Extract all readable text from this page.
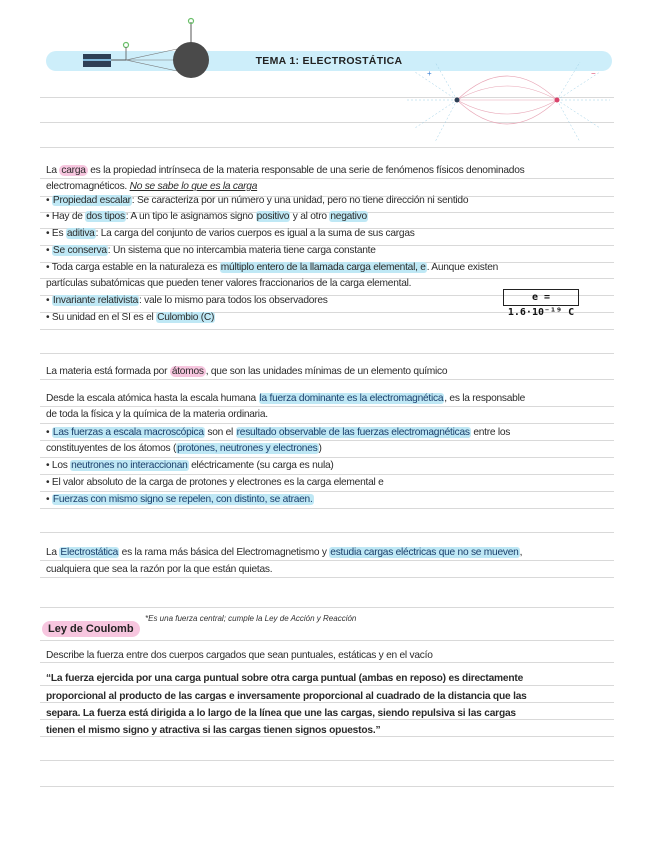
TEMA 1: ELECTROSTÁTICA
+	−
La carga es la propiedad intrínseca de la materia responsable de una serie de fenómenos físicos denominados
electromagnéticos. No se sabe lo que es la carga
• Propiedad escalar: Se caracteriza por un número y una unidad, pero no tiene dirección ni sentido
• Hay de dos tipos: A un tipo le asignamos signo positivo y al otro negativo
• Es aditiva: La carga del conjunto de varios cuerpos es igual a la suma de sus cargas
• Se conserva: Un sistema que no intercambia materia tiene carga constante
• Toda carga estable en la naturaleza es múltiplo entero de la llamada carga elemental, e. Aunque existen
partículas subatómicas que pueden tener valores fraccionarios de la carga elemental.
• Invariante relativista: vale lo mismo para todos los observadores
• Su unidad en el SI es el Culombio (C)
e = 1.6·10⁻¹⁹ C
La materia está formada por átomos , que son las unidades mínimas de un elemento químico
Desde la escala atómica hasta la escala humana la fuerza dominante es la electromagnética, es la responsable
de toda la física y la química de la materia ordinaria.
• Las fuerzas a escala macroscópica son el resultado observable de las fuerzas electromagnéticas entre los
constituyentes de los átomos (protones, neutrones y electrones)
• Los neutrones no interaccionan eléctricamente (su carga es nula)
• El valor absoluto de la carga de protones y electrones es la carga elemental e
• Fuerzas con mismo signo se repelen, con distinto, se atraen.
La Electrostática es la rama más básica del Electromagnetismo y estudia cargas eléctricas que no se mueven,
cualquiera que sea la razón por la que están quietas.
*Es una fuerza central; cumple la Ley de Acción y Reacción
Ley de Coulomb
Describe la fuerza entre dos cuerpos cargados que sean puntuales, estáticas y en el vacío
“La fuerza ejercida por una carga puntual sobre otra carga puntual (ambas en reposo) es directamente
proporcional al producto de las cargas e inversamente proporcional al cuadrado de la distancia que las
separa. La fuerza está dirigida a lo largo de la línea que une las cargas, siendo repulsiva si las cargas
tienen el mismo signo y atractiva si las cargas tienen signos opuestos.”
